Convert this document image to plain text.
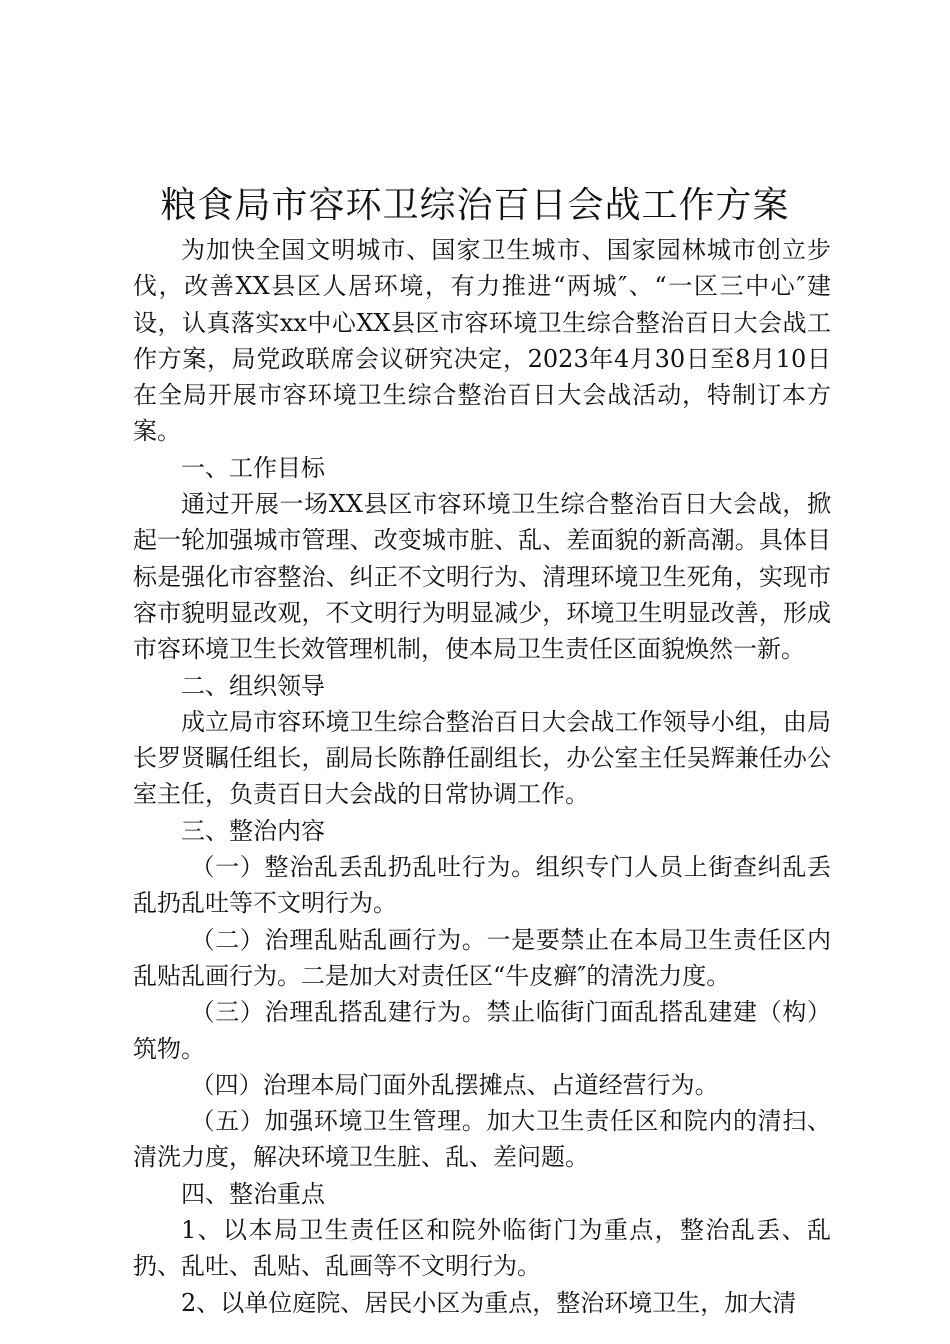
粮食局市容环卫综治百日会战工作方案

为加快全国文明城市、国家卫生城市、国家园林城市创立步伐，改善XX县区人居环境，有力推进“两城″、“一区三中心″建设，认真落实xx中心XX县区市容环境卫生综合整治百日大会战工作方案，局党政联席会议研究决定，2023年4月30日至8月10日在全局开展市容环境卫生综合整治百日大会战活动，特制订本方案。

一、工作目标

通过开展一场XX县区市容环境卫生综合整治百日大会战，掀起一轮加强城市管理、改变城市脏、乱、差面貌的新高潮。具体目标是强化市容整治、纠正不文明行为、清理环境卫生死角，实现市容市貌明显改观，不文明行为明显减少，环境卫生明显改善，形成市容环境卫生长效管理机制，使本局卫生责任区面貌焕然一新。

二、组织领导

成立局市容环境卫生综合整治百日大会战工作领导小组，由局长罗贤瞩任组长，副局长陈静任副组长，办公室主任吴辉兼任办公室主任，负责百日大会战的日常协调工作。

三、整治内容

（一）整治乱丢乱扔乱吐行为。组织专门人员上街查纠乱丢乱扔乱吐等不文明行为。

（二）治理乱贴乱画行为。一是要禁止在本局卫生责任区内乱贴乱画行为。二是加大对责任区“牛皮癣″的清洗力度。

（三）治理乱搭乱建行为。禁止临街门面乱搭乱建建（构）筑物。

（四）治理本局门面外乱摆摊点、占道经营行为。

（五）加强环境卫生管理。加大卫生责任区和院内的清扫、清洗力度，解决环境卫生脏、乱、差问题。

四、整治重点

1、以本局卫生责任区和院外临街门为重点，整治乱丢、乱扔、乱吐、乱贴、乱画等不文明行为。

2、以单位庭院、居民小区为重点，整治环境卫生，加大清
